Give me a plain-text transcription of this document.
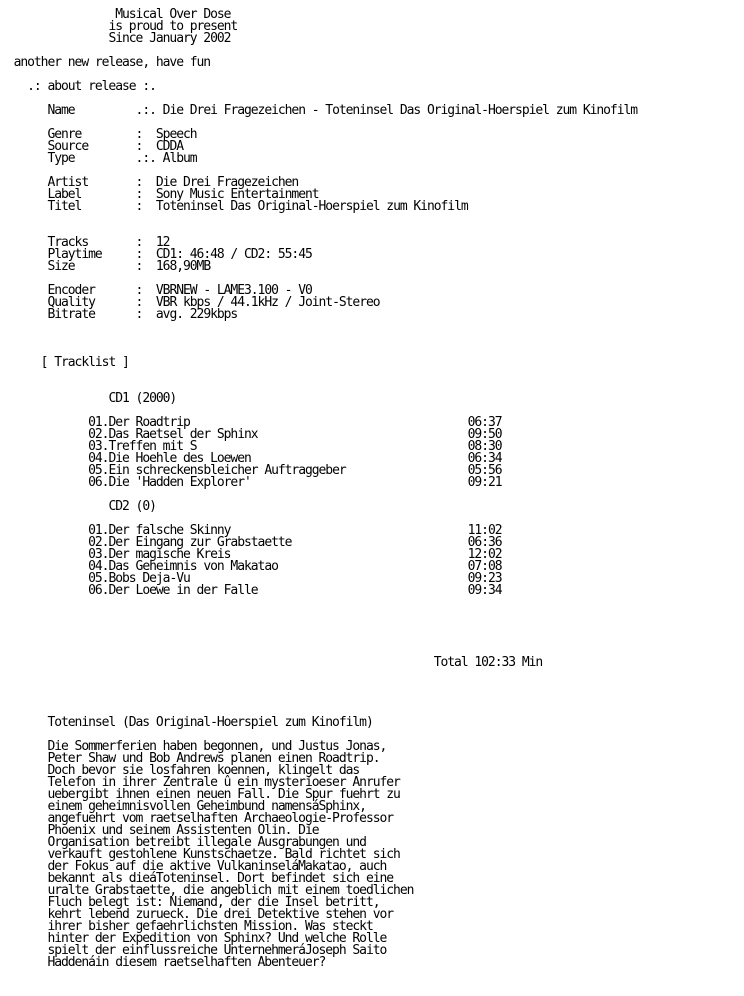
Musical Over Dose
is proud to present
Since January 2002

another new release, have fun

.: about release :.

Name	.:. Die Drei Fragezeichen - Toteninsel Das Original-Hoerspiel zum Kinofilm

Genre	: Speech
Source	: CDDA
Type	.:. Album

Artist	: Die Drei Fragezeichen
Label	: Sony Music Entertainment
Titel	: Toteninsel Das Original-Hoerspiel zum Kinofilm

Tracks	: 12
Playtime	: CD1: 46:48 / CD2: 55:45
Size	: 168,90MB

Encoder	: VBRNEW - LAME3.100 - V0
Quality	: VBR kbps / 44.1kHz / Joint-Stereo
Bitrate	: avg. 229kbps

[ Tracklist ]

CD1 (2000)

01.Der Roadtrip	06:37
02.Das Raetsel der Sphinx	09:50
03.Treffen mit S	08:30
04.Die Hoehle des Loewen	06:34
05.Ein schreckensbleicher Auftraggeber	05:56
06.Die 'Hadden Explorer'	09:21

CD2 (0)

01.Der falsche Skinny	11:02
02.Der Eingang zur Grabstaette	06:36
03.Der magische Kreis	12:02
04.Das Geheimnis von Makatao	07:08
05.Bobs Deja-Vu	09:23
06.Der Loewe in der Falle	09:34

Total 102:33 Min

Toteninsel (Das Original-Hoerspiel zum Kinofilm)

Die Sommerferien haben begonnen, und Justus Jonas,
Peter Shaw und Bob Andrews planen einen Roadtrip.
Doch bevor sie losfahren koennen, klingelt das
Telefon in ihrer Zentrale û ein mysterioeser Anrufer
uebergibt ihnen einen neuen Fall. Die Spur fuehrt zu
einem geheimnisvollen Geheimbund namensáSphinx,
angefuehrt vom raetselhaften Archaeologie-Professor
Phoenix und seinem Assistenten Olin. Die
Organisation betreibt illegale Ausgrabungen und
verkauft gestohlene Kunstschaetze. Bald richtet sich
der Fokus auf die aktive VulkaninseláMakatao, auch
bekannt als dieáToteninsel. Dort befindet sich eine
uralte Grabstaette, die angeblich mit einem toedlichen
Fluch belegt ist: Niemand, der die Insel betritt,
kehrt lebend zurueck. Die drei Detektive stehen vor
ihrer bisher gefaehrlichsten Mission. Was steckt
hinter der Expedition von Sphinx? Und welche Rolle
spielt der einflussreiche UnternehmeráJoseph Saito
Haddenáin diesem raetselhaften Abenteuer?
